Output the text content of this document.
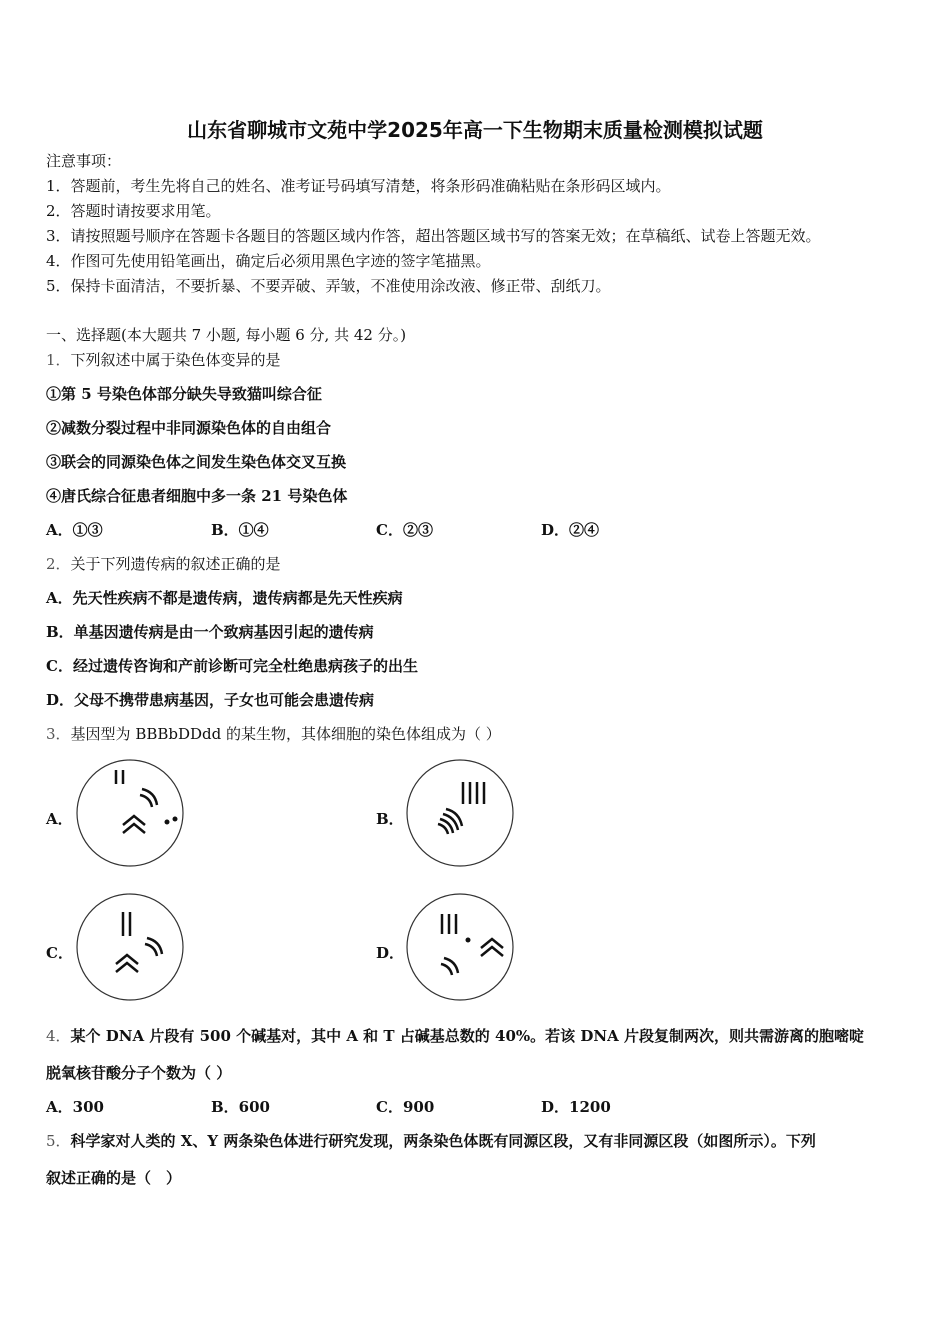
山东省聊城市文苑中学2025年高一下生物期末质量检测模拟试题
注意事项：
1．答题前，考生先将自己的姓名、准考证号码填写清楚，将条形码准确粘贴在条形码区域内。
2．答题时请按要求用笔。
3．请按照题号顺序在答题卡各题目的答题区域内作答，超出答题区域书写的答案无效；在草稿纸、试卷上答题无效。
4．作图可先使用铅笔画出，确定后必须用黑色字迹的签字笔描黑。
5．保持卡面清洁，不要折暴、不要弄破、弄皱，不准使用涂改液、修正带、刮纸刀。
一、选择题(本大题共 7 小题, 每小题 6 分, 共 42 分。)
1．下列叙述中属于染色体变异的是
①第 5 号染色体部分缺失导致猫叫综合征
②减数分裂过程中非同源染色体的自由组合
③联会的同源染色体之间发生染色体交叉互换
④唐氏综合征患者细胞中多一条 21 号染色体
A．①③	B．①④	C．②③	D．②④
2．关于下列遗传病的叙述正确的是
A．先天性疾病不都是遗传病，遗传病都是先天性疾病
B．单基因遗传病是由一个致病基因引起的遗传病
C．经过遗传咨询和产前诊断可完全杜绝患病孩子的出生
D．父母不携带患病基因，子女也可能会患遗传病
3．基因型为 BBBbDDdd 的某生物，其体细胞的染色体组成为（ ）
A．	B．
C．	D．
4．某个 DNA 片段有 500 个碱基对，其中 A 和 T 占碱基总数的 40%。若该 DNA 片段复制两次，则共需游离的胞嘧啶
脱氧核苷酸分子个数为（ ）
A．300	B．600	C．900	D．1200
5．科学家对人类的 X、Y 两条染色体进行研究发现，两条染色体既有同源区段，又有非同源区段（如图所示）。下列
叙述正确的是（　）
